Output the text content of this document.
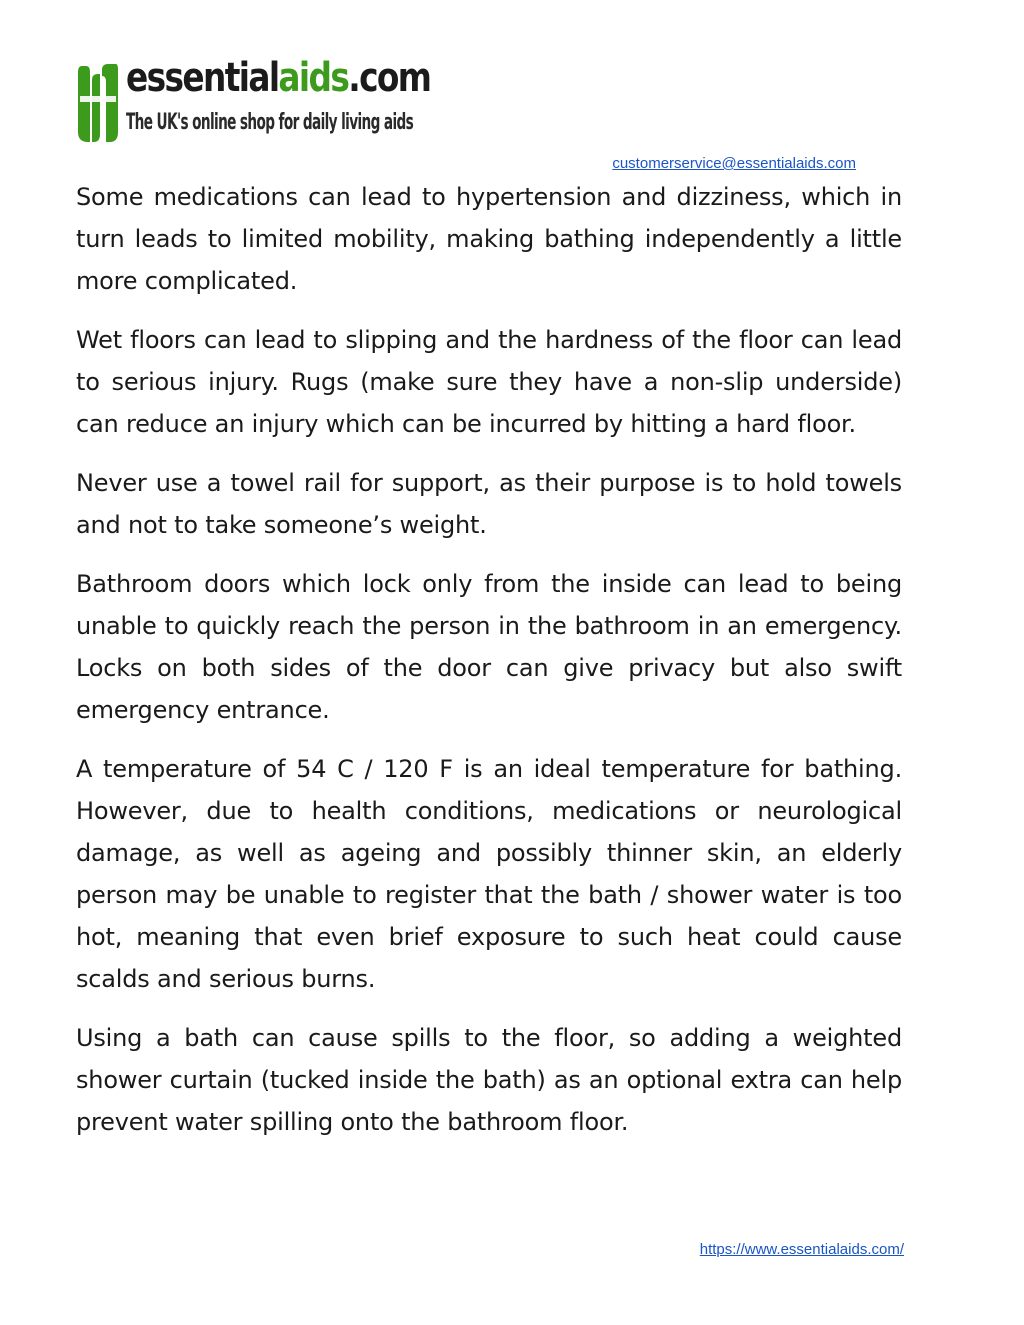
essentialaids.com
The UK's online shop for daily living aids
customerservice@essentialaids.com

Some medications can lead to hypertension and dizziness, which in turn leads to limited mobility, making bathing independently a little more complicated.

Wet floors can lead to slipping and the hardness of the floor can lead to serious injury. Rugs (make sure they have a non-slip underside) can reduce an injury which can be incurred by hitting a hard floor.

Never use a towel rail for support, as their purpose is to hold towels and not to take someone’s weight.

Bathroom doors which lock only from the inside can lead to being unable to quickly reach the person in the bathroom in an emergency. Locks on both sides of the door can give privacy but also swift emergency entrance.

A temperature of 54 C / 120 F is an ideal temperature for bathing. However, due to health conditions, medications or neurological damage, as well as ageing and possibly thinner skin, an elderly person may be unable to register that the bath / shower water is too hot, meaning that even brief exposure to such heat could cause scalds and serious burns.

Using a bath can cause spills to the floor, so adding a weighted shower curtain (tucked inside the bath) as an optional extra can help prevent water spilling onto the bathroom floor.

https://www.essentialaids.com/
